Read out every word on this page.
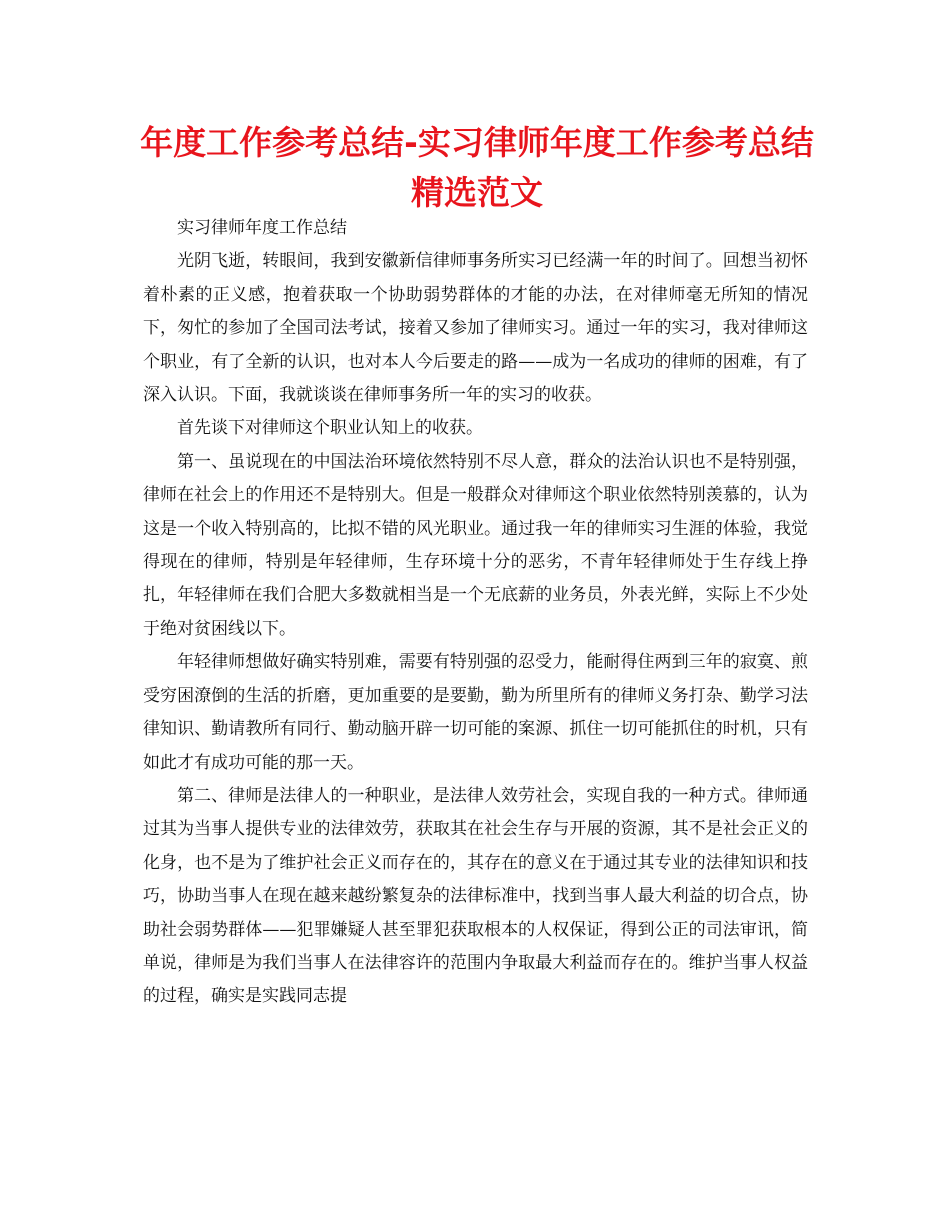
年度工作参考总结-实习律师年度工作参考总结精选范文

实习律师年度工作总结

光阴飞逝，转眼间，我到安徽新信律师事务所实习已经满一年的时间了。回想当初怀着朴素的正义感，抱着获取一个协助弱势群体的才能的办法，在对律师毫无所知的情况下，匆忙的参加了全国司法考试，接着又参加了律师实习。通过一年的实习，我对律师这个职业，有了全新的认识，也对本人今后要走的路——成为一名成功的律师的困难，有了深入认识。下面，我就谈谈在律师事务所一年的实习的收获。

首先谈下对律师这个职业认知上的收获。

第一、虽说现在的中国法治环境依然特别不尽人意，群众的法治认识也不是特别强，律师在社会上的作用还不是特别大。但是一般群众对律师这个职业依然特别羡慕的，认为这是一个收入特别高的，比拟不错的风光职业。通过我一年的律师实习生涯的体验，我觉得现在的律师，特别是年轻律师，生存环境十分的恶劣，不青年轻律师处于生存线上挣扎，年轻律师在我们合肥大多数就相当是一个无底薪的业务员，外表光鲜，实际上不少处于绝对贫困线以下。

年轻律师想做好确实特别难，需要有特别强的忍受力，能耐得住两到三年的寂寞、煎受穷困潦倒的生活的折磨，更加重要的是要勤，勤为所里所有的律师义务打杂、勤学习法律知识、勤请教所有同行、勤动脑开辟一切可能的案源、抓住一切可能抓住的时机，只有如此才有成功可能的那一天。

第二、律师是法律人的一种职业，是法律人效劳社会，实现自我的一种方式。律师通过其为当事人提供专业的法律效劳，获取其在社会生存与开展的资源，其不是社会正义的化身，也不是为了维护社会正义而存在的，其存在的意义在于通过其专业的法律知识和技巧，协助当事人在现在越来越纷繁复杂的法律标准中，找到当事人最大利益的切合点，协助社会弱势群体——犯罪嫌疑人甚至罪犯获取根本的人权保证，得到公正的司法审讯，简单说，律师是为我们当事人在法律容许的范围内争取最大利益而存在的。维护当事人权益的过程，确实是实践同志提
